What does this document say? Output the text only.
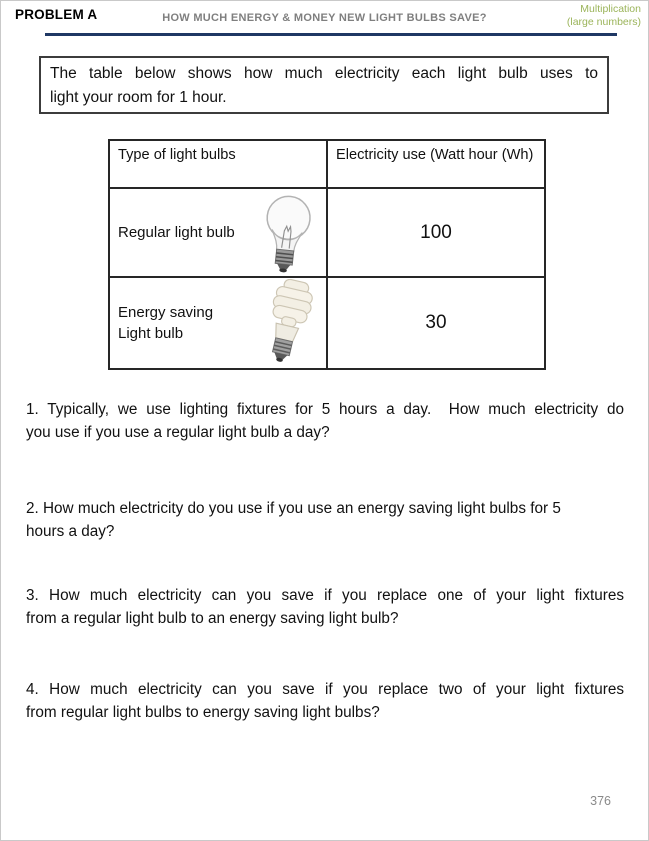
PROBLEM A	HOW MUCH ENERGY & MONEY NEW LIGHT BULBS SAVE?
Multiplication
(large numbers)
The table below shows how much electricity each light bulb uses to
light your room for 1 hour.
Type of light bulbs	Electricity use (Watt hour (Wh)

Regular light bulb	100

Energy saving
Light bulb	30
1. Typically, we use lighting fixtures for 5 hours a day.  How much electricity do
you use if you use a regular light bulb a day?
2. How much electricity do you use if you use an energy saving light bulbs for 5
hours a day?
3. How much electricity can you save if you replace one of your light fixtures
from a regular light bulb to an energy saving light bulb?
4. How much electricity can you save if you replace two of your light fixtures
from regular light bulbs to energy saving light bulbs?
376
